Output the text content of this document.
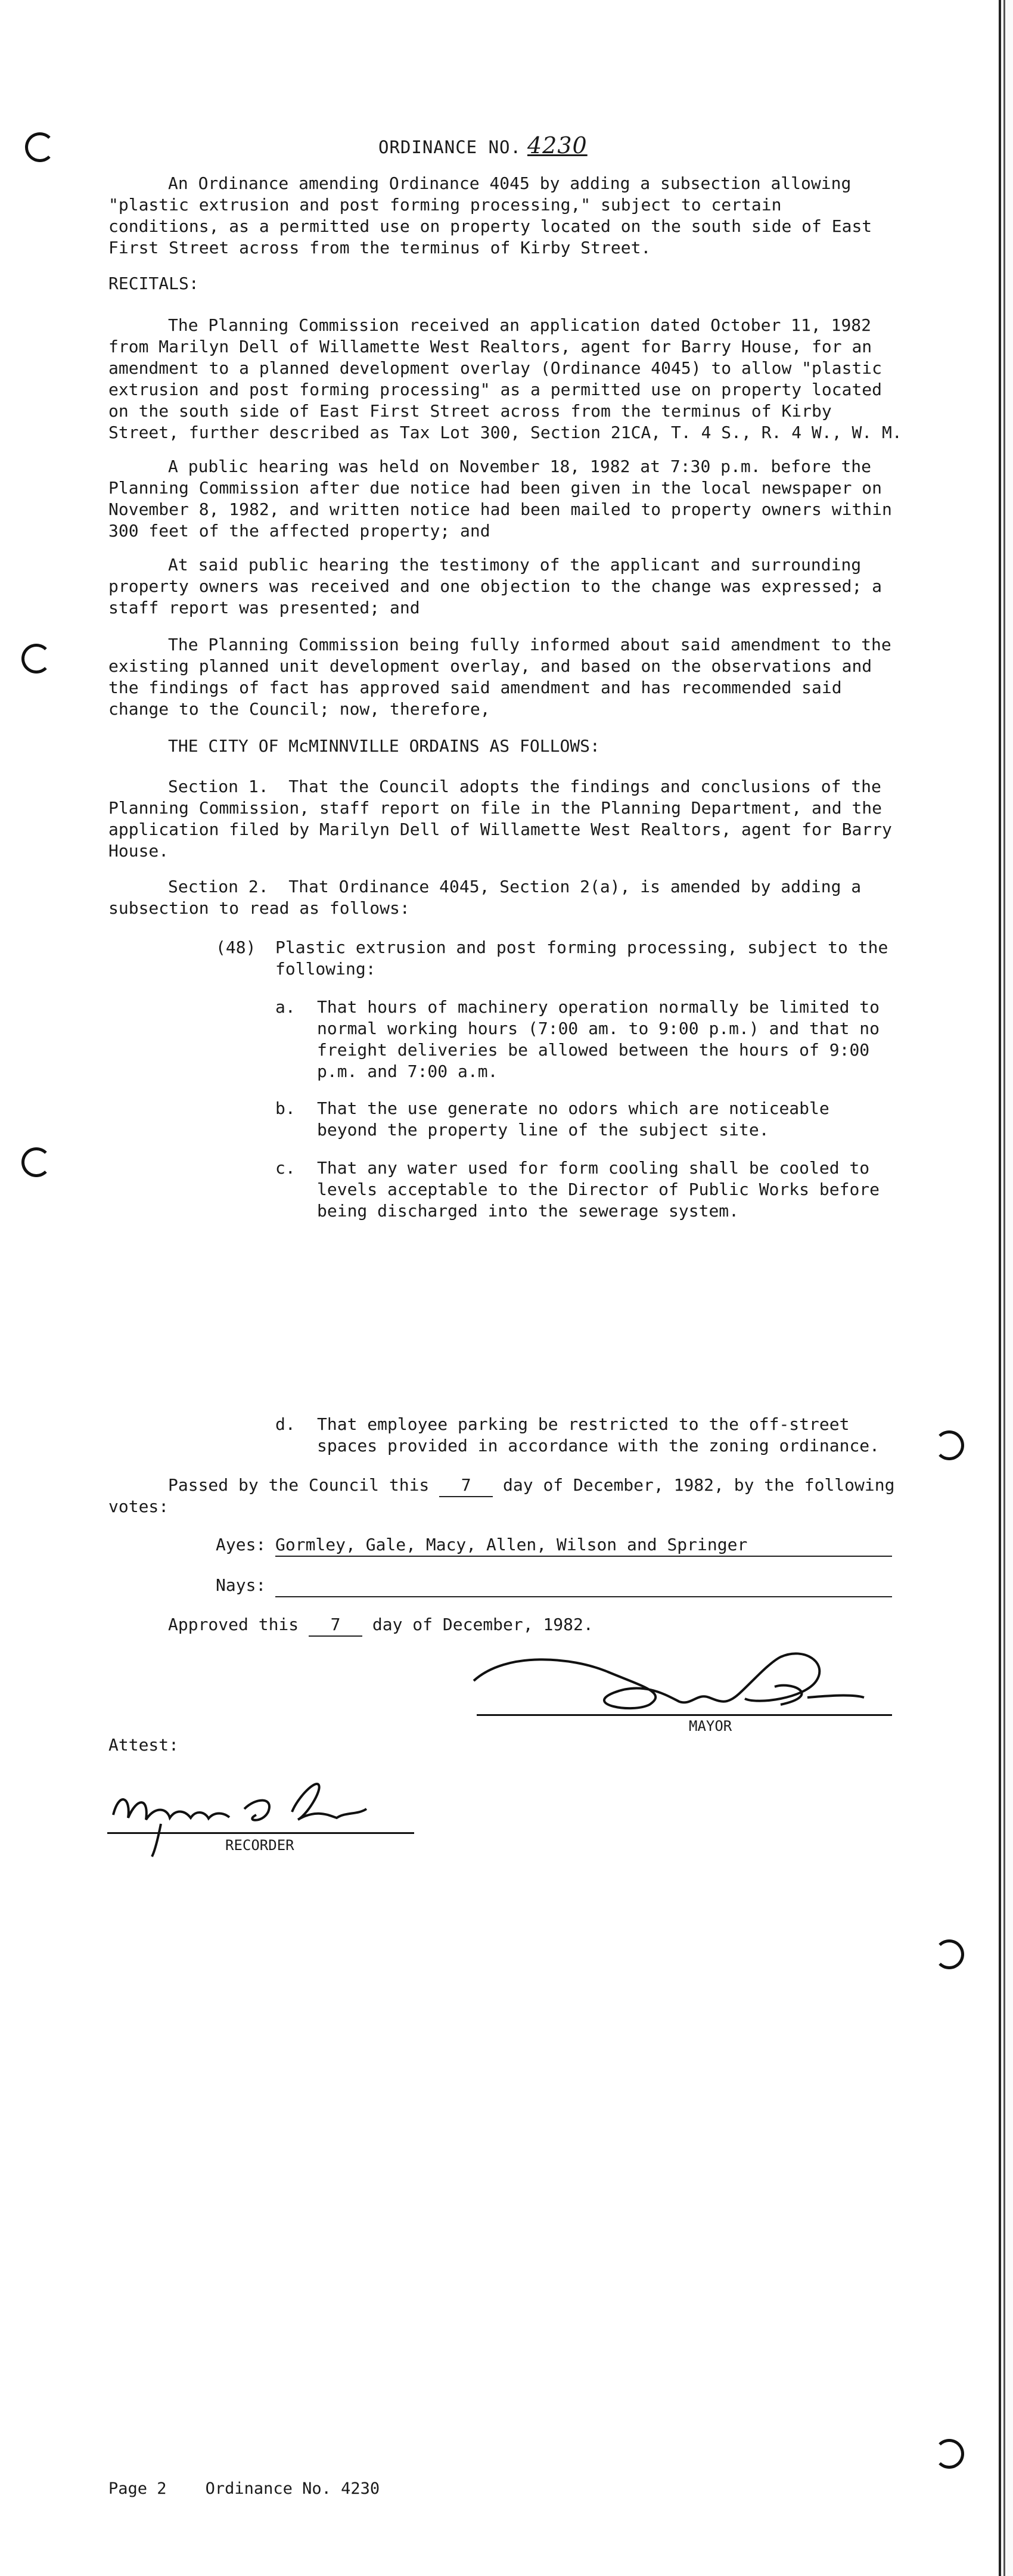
ORDINANCE NO. 4230
An Ordinance amending Ordinance 4045 by adding a subsection allowing "plastic extrusion and post forming processing," subject to certain conditions, as a permitted use on property located on the south side of East First Street across from the terminus of Kirby Street.
RECITALS:
The Planning Commission received an application dated October 11, 1982 from Marilyn Dell of Willamette West Realtors, agent for Barry House, for an amendment to a planned development overlay (Ordinance 4045) to allow "plastic extrusion and post forming processing" as a permitted use on property located on the south side of East First Street across from the terminus of Kirby Street, further described as Tax Lot 300, Section 21CA, T. 4 S., R. 4 W., W. M.
A public hearing was held on November 18, 1982 at 7:30 p.m. before the Planning Commission after due notice had been given in the local newspaper on November 8, 1982, and written notice had been mailed to property owners within 300 feet of the affected property; and
At said public hearing the testimony of the applicant and surrounding property owners was received and one objection to the change was expressed; a staff report was presented; and
The Planning Commission being fully informed about said amendment to the existing planned unit development overlay, and based on the observations and the findings of fact has approved said amendment and has recommended said change to the Council; now, therefore,
THE CITY OF McMINNVILLE ORDAINS AS FOLLOWS:
Section 1.  That the Council adopts the findings and conclusions of the Planning Commission, staff report on file in the Planning Department, and the application filed by Marilyn Dell of Willamette West Realtors, agent for Barry House.
Section 2.  That Ordinance 4045, Section 2(a), is amended by adding a subsection to read as follows:
(48) Plastic extrusion and post forming processing, subject to the following:
a. That hours of machinery operation normally be limited to normal working hours (7:00 am. to 9:00 p.m.) and that no freight deliveries be allowed between the hours of 9:00 p.m. and 7:00 a.m.
b. That the use generate no odors which are noticeable beyond the property line of the subject site.
c. That any water used for form cooling shall be cooled to levels acceptable to the Director of Public Works before being discharged into the sewerage system.
d. That employee parking be restricted to the off-street spaces provided in accordance with the zoning ordinance.
Passed by the Council this 7 day of December, 1982, by the following
votes:
Ayes: Gormley, Gale, Macy, Allen, Wilson and Springer
Nays:
Approved this 7 day of December, 1982.
MAYOR
Attest:
RECORDER
Page 2 Ordinance No. 4230
